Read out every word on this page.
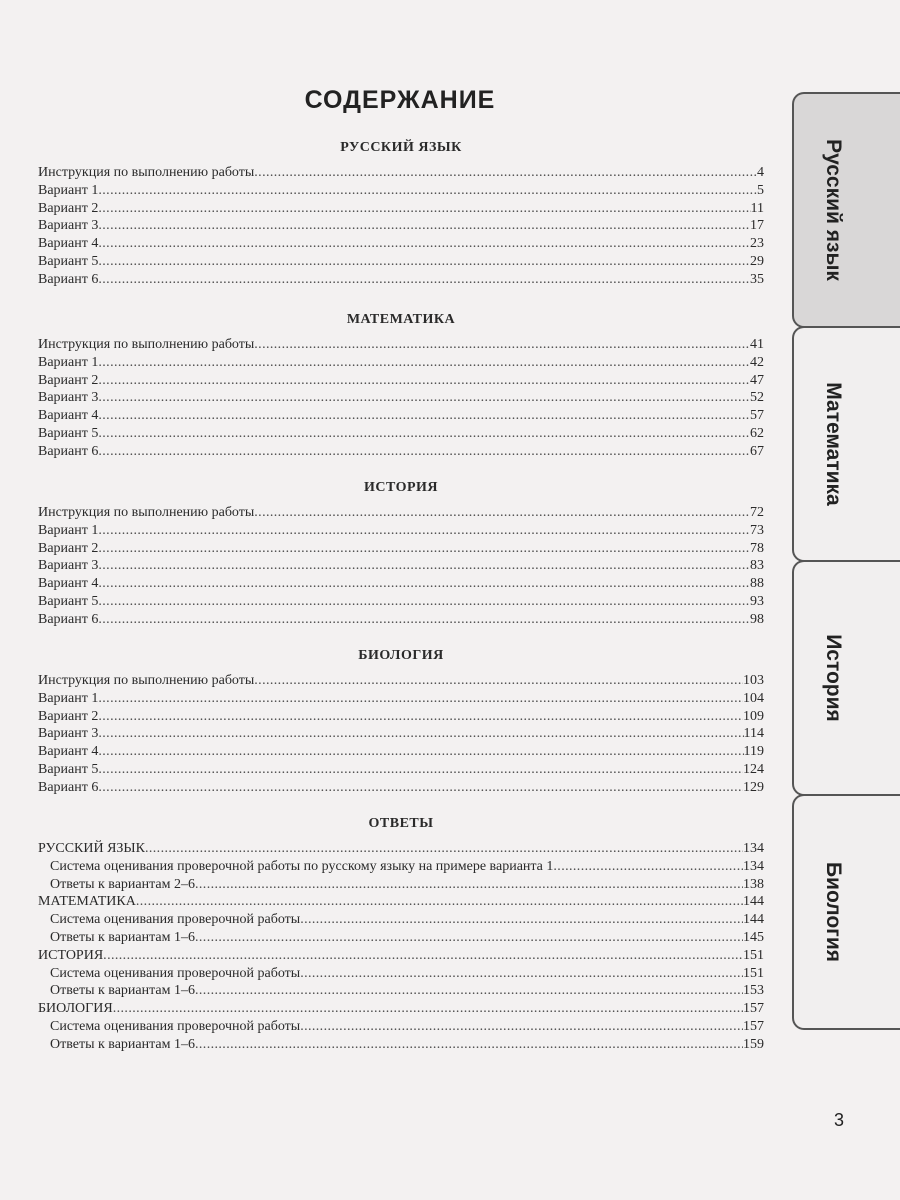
СОДЕРЖАНИЕ
РУССКИЙ ЯЗЫК
Инструкция по выполнению работы .....	4
Вариант 1 .....	5
Вариант 2 .....	11
Вариант 3 .....	17
Вариант 4 .....	23
Вариант 5 .....	29
Вариант 6 .....	35
МАТЕМАТИКА
Инструкция по выполнению работы .....	41
Вариант 1 .....	42
Вариант 2 .....	47
Вариант 3 .....	52
Вариант 4 .....	57
Вариант 5 .....	62
Вариант 6 .....	67
ИСТОРИЯ
Инструкция по выполнению работы .....	72
Вариант 1 .....	73
Вариант 2 .....	78
Вариант 3 .....	83
Вариант 4 .....	88
Вариант 5 .....	93
Вариант 6 .....	98
БИОЛОГИЯ
Инструкция по выполнению работы .....	103
Вариант 1 .....	104
Вариант 2 .....	109
Вариант 3 .....	114
Вариант 4 .....	119
Вариант 5 .....	124
Вариант 6 .....	129
ОТВЕТЫ
РУССКИЙ ЯЗЫК .....	134
Система оценивания проверочной работы по русскому языку на примере варианта 1 .....	134
Ответы к вариантам 2–6 .....	138
МАТЕМАТИКА .....	144
Система оценивания проверочной работы .....	144
Ответы к вариантам 1–6 .....	145
ИСТОРИЯ .....	151
Система оценивания проверочной работы .....	151
Ответы к вариантам 1–6 .....	153
БИОЛОГИЯ .....	157
Система оценивания проверочной работы .....	157
Ответы к вариантам 1–6 .....	159
Русский язык
Математика
История
Биология
3
